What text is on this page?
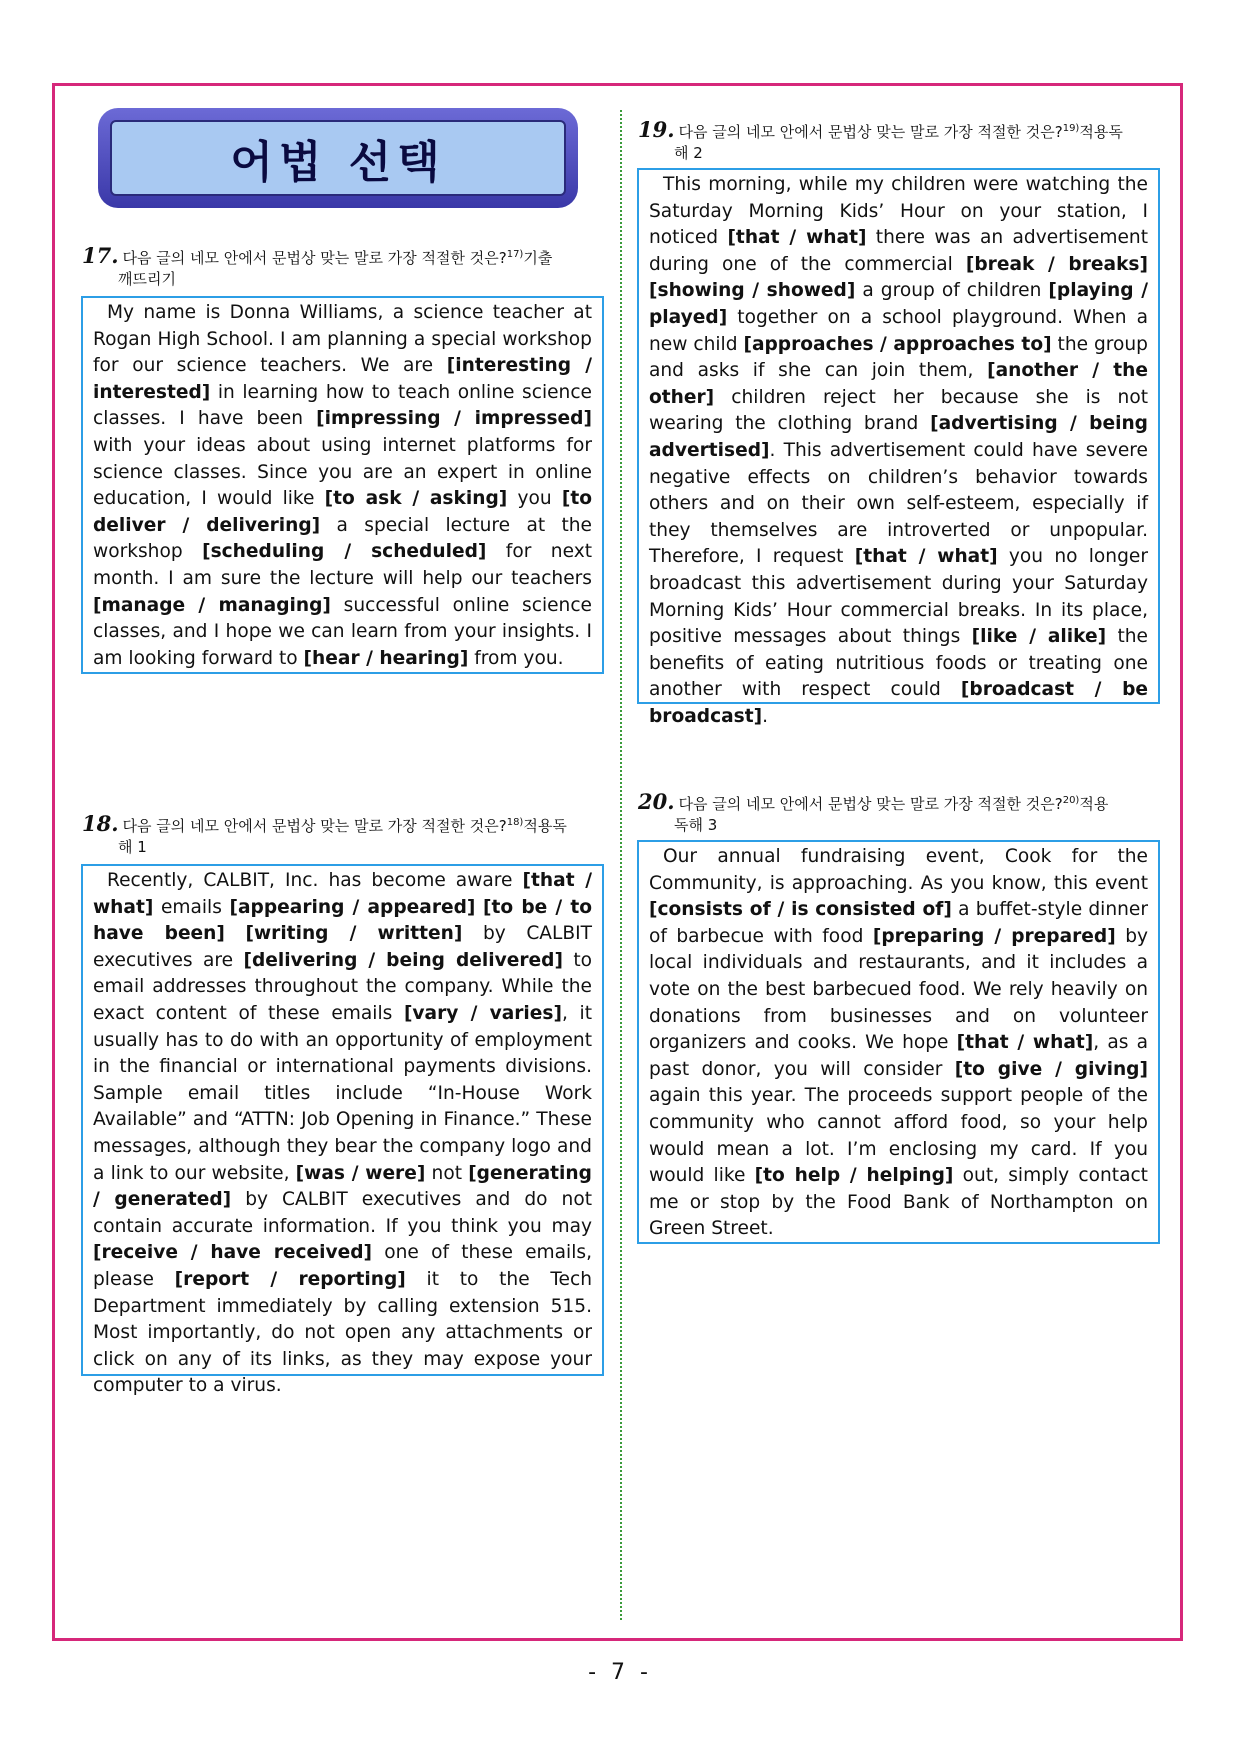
어법 선택
17. 다음 글의 네모 안에서 문법상 맞는 말로 가장 적절한 것은?$^{17)}$기출
깨뜨리기

My name is Donna Williams, a science teacher at Rogan High School. I am planning a special workshop for our science teachers. We are [interesting / interested] in learning how to teach online science classes. I have been [impressing / impressed] with your ideas about using internet platforms for science classes. Since you are an expert in online education, I would like [to ask / asking] you [to deliver / delivering] a special lecture at the workshop [scheduling / scheduled] for next month. I am sure the lecture will help our teachers [manage / managing] successful online science classes, and I hope we can learn from your insights. I am looking forward to [hear / hearing] from you.

18. 다음 글의 네모 안에서 문법상 맞는 말로 가장 적절한 것은?$^{18)}$적용독
해 1

Recently, CALBIT, Inc. has become aware [that / what] emails [appearing / appeared] [to be / to have been] [writing / written] by CALBIT executives are [delivering / being delivered] to email addresses throughout the company. While the exact content of these emails [vary / varies], it usually has to do with an opportunity of employment in the financial or international payments divisions. Sample email titles include “In-House Work Available” and “ATTN: Job Opening in Finance.” These messages, although they bear the company logo and a link to our website, [was / were] not [generating / generated] by CALBIT executives and do not contain accurate information. If you think you may [receive / have received] one of these emails, please [report / reporting] it to the Tech Department immediately by calling extension 515. Most importantly, do not open any attachments or click on any of its links, as they may expose your computer to a virus.

19. 다음 글의 네모 안에서 문법상 맞는 말로 가장 적절한 것은?$^{19)}$적용독
해 2

This morning, while my children were watching the Saturday Morning Kids’ Hour on your station, I noticed [that / what] there was an advertisement during one of the commercial [break / breaks] [showing / showed] a group of children [playing / played] together on a school playground. When a new child [approaches / approaches to] the group and asks if she can join them, [another / the other] children reject her because she is not wearing the clothing brand [advertising / being advertised]. This advertisement could have severe negative effects on children’s behavior towards others and on their own self-esteem, especially if they themselves are introverted or unpopular. Therefore, I request [that / what] you no longer broadcast this advertisement during your Saturday Morning Kids’ Hour commercial breaks. In its place, positive messages about things [like / alike] the benefits of eating nutritious foods or treating one another with respect could [broadcast / be broadcast].

20. 다음 글의 네모 안에서 문법상 맞는 말로 가장 적절한 것은?$^{20)}$적용
독해 3

Our annual fundraising event, Cook for the Community, is approaching. As you know, this event [consists of / is consisted of] a buffet-style dinner of barbecue with food [preparing / prepared] by local individuals and restaurants, and it includes a vote on the best barbecued food. We rely heavily on donations from businesses and on volunteer organizers and cooks. We hope [that / what], as a past donor, you will consider [to give / giving] again this year. The proceeds support people of the community who cannot afford food, so your help would mean a lot. I’m enclosing my card. If you would like [to help / helping] out, simply contact me or stop by the Food Bank of Northampton on Green Street.

- 7 -
